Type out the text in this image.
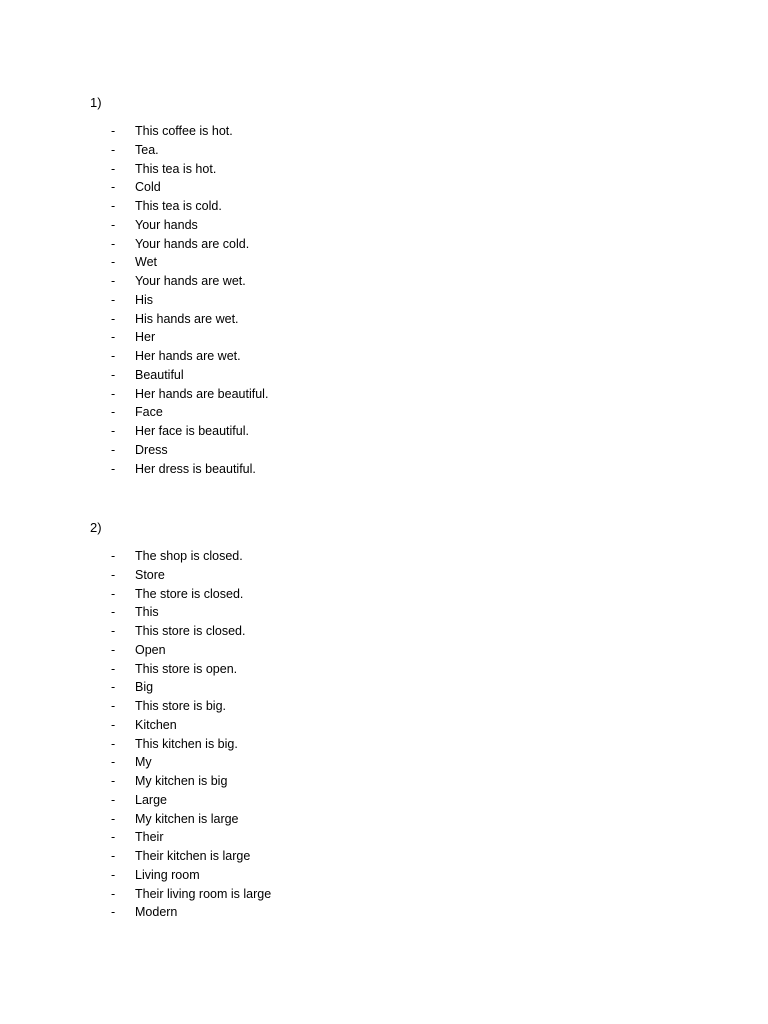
1)
- This coffee is hot.
- Tea.
- This tea is hot.
- Cold
- This tea is cold.
- Your hands
- Your hands are cold.
- Wet
- Your hands are wet.
- His
- His hands are wet.
- Her
- Her hands are wet.
- Beautiful
- Her hands are beautiful.
- Face
- Her face is beautiful.
- Dress
- Her dress is beautiful.
2)
- The shop is closed.
- Store
- The store is closed.
- This
- This store is closed.
- Open
- This store is open.
- Big
- This store is big.
- Kitchen
- This kitchen is big.
- My
- My kitchen is big
- Large
- My kitchen is large
- Their
- Their kitchen is large
- Living room
- Their living room is large
- Modern
